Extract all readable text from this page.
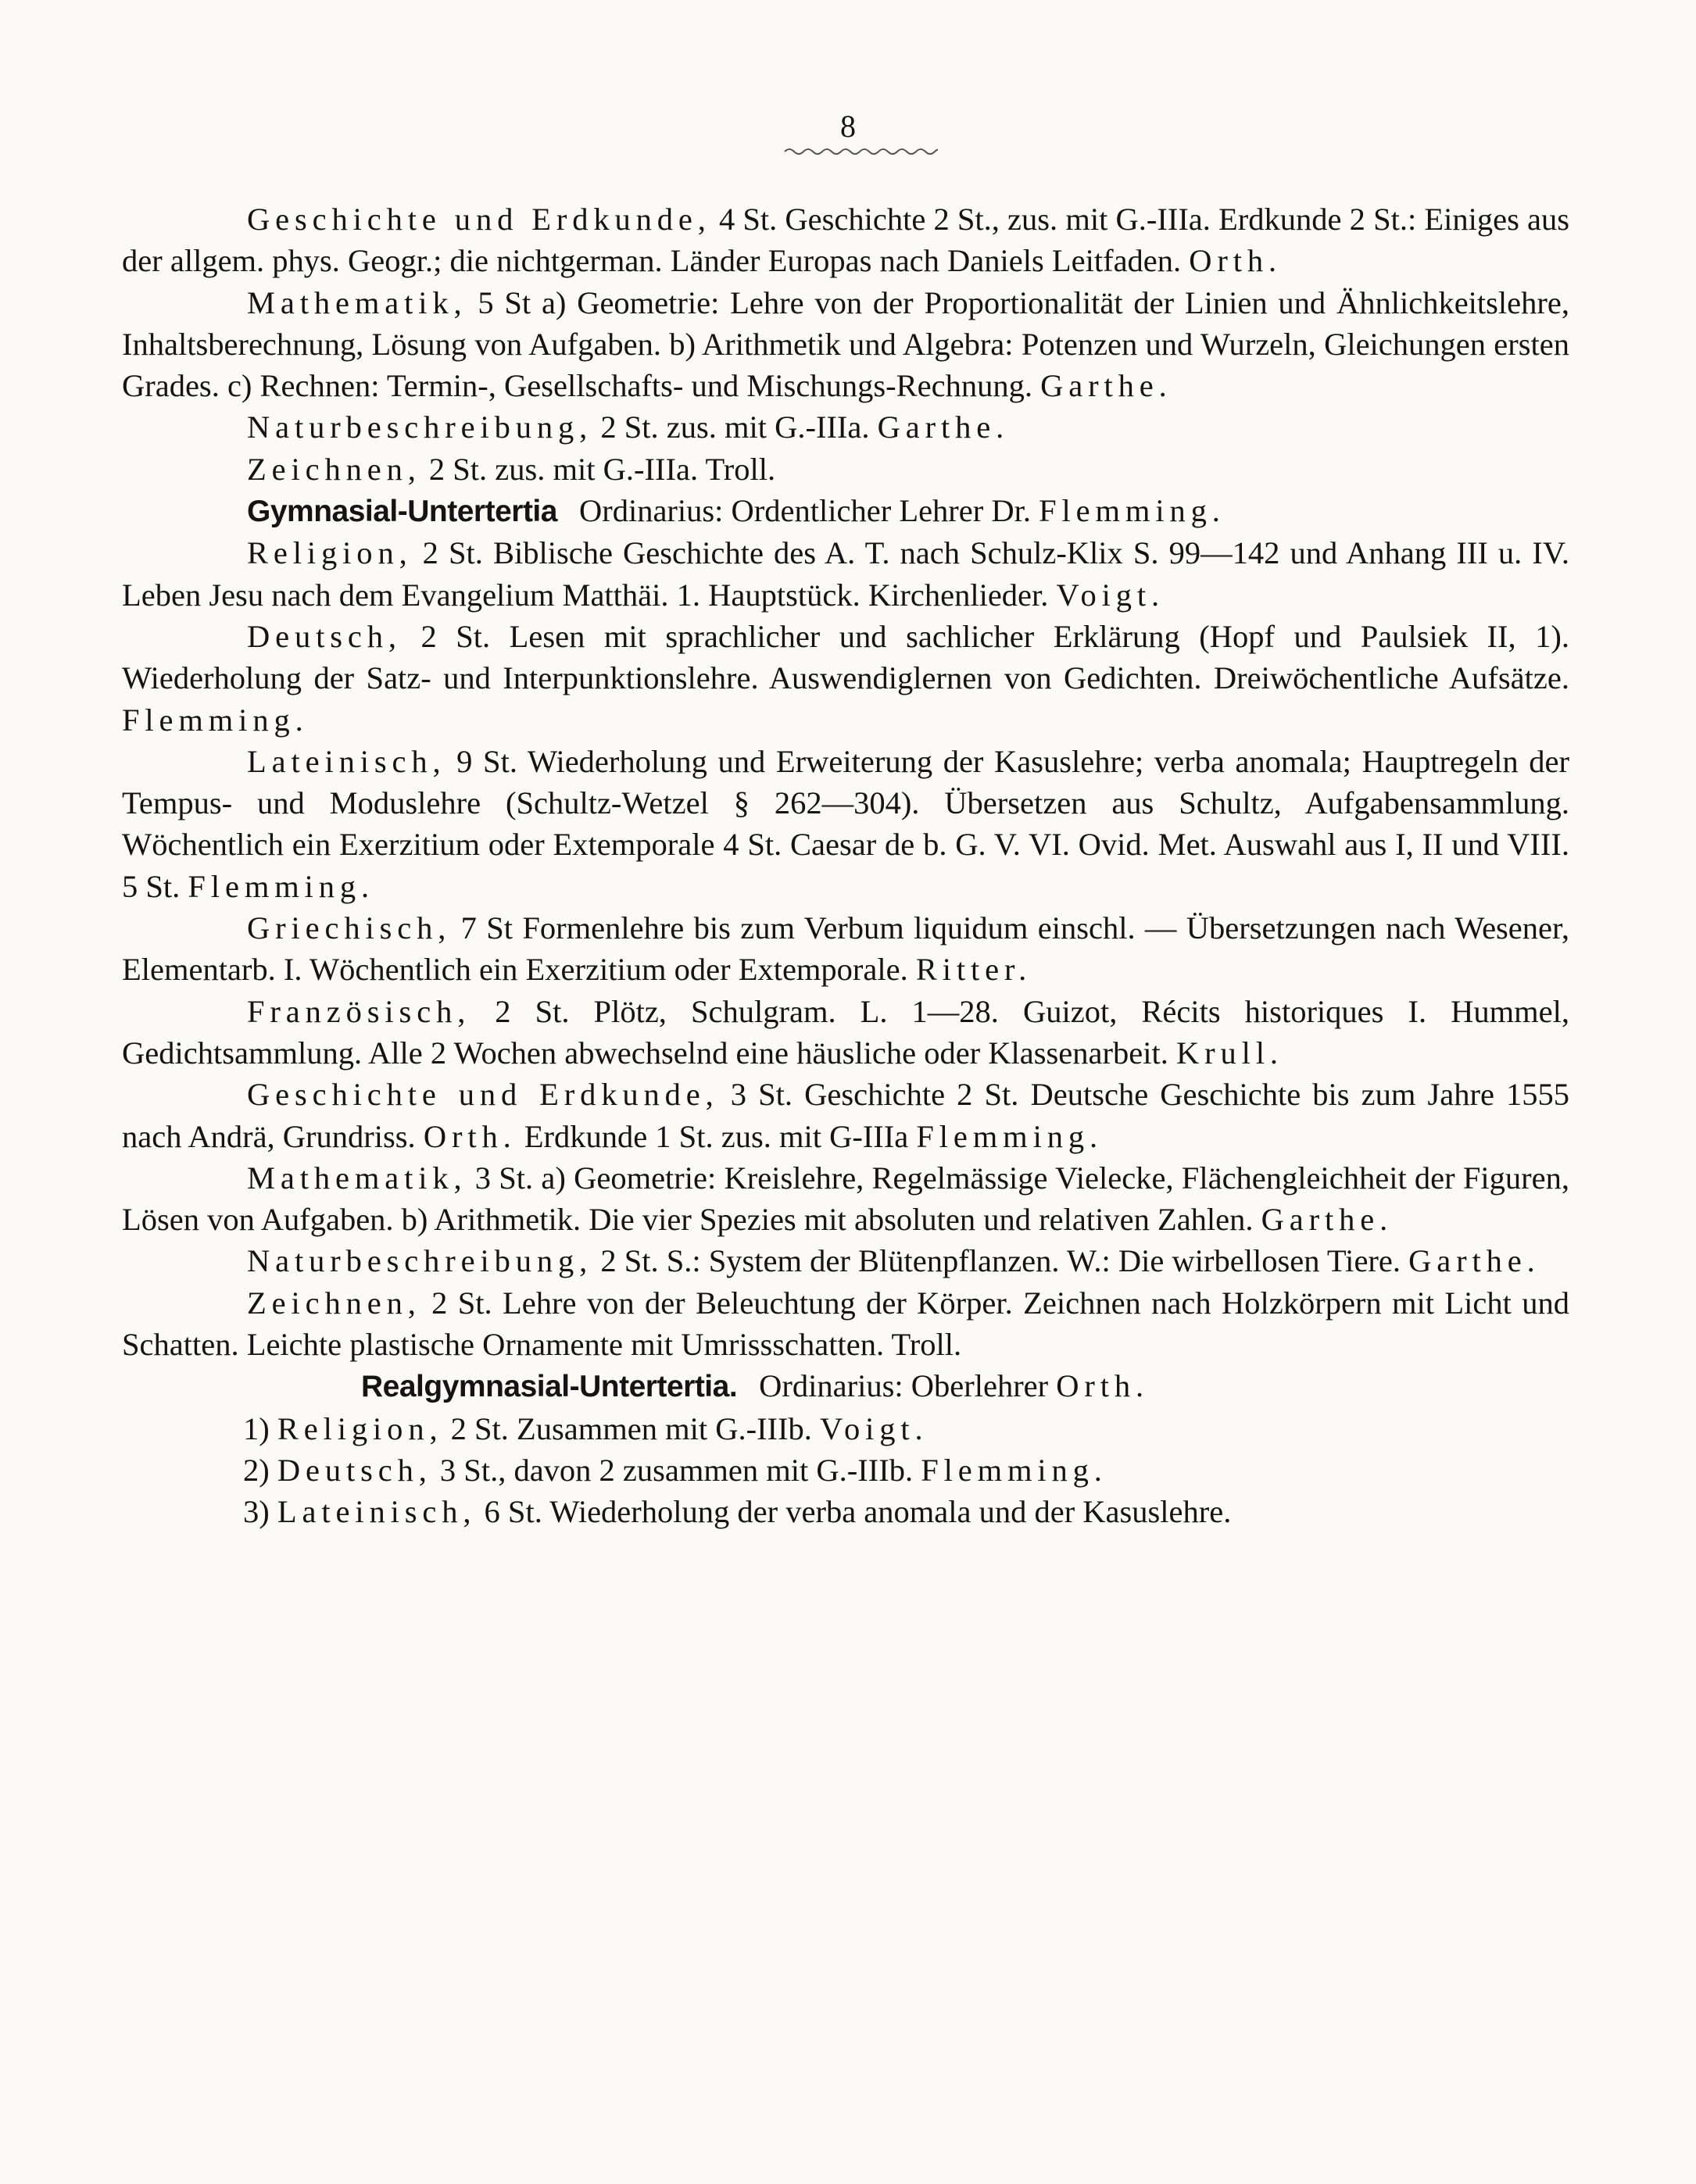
8

Geschichte und Erdkunde, 4 St. Geschichte 2 St., zus. mit G.-IIIa. Erdkunde 2 St.: Einiges aus der allgem. phys. Geogr.; die nichtgerman. Länder Europas nach Daniels Leitfaden. Orth.

Mathematik, 5 St a) Geometrie: Lehre von der Proportionalität der Linien und Ähnlichkeitslehre, Inhaltsberechnung, Lösung von Aufgaben. b) Arithmetik und Algebra: Potenzen und Wurzeln, Gleichungen ersten Grades. c) Rechnen: Termin-, Gesellschafts- und Mischungs-Rechnung. Garthe.

Naturbeschreibung, 2 St. zus. mit G.-IIIa. Garthe.

Zeichnen, 2 St. zus. mit G.-IIIa. Troll.

Gymnasial-Untertertia Ordinarius: Ordentlicher Lehrer Dr. Flemming.

Religion, 2 St. Biblische Geschichte des A. T. nach Schulz-Klix S. 99—142 und Anhang III u. IV. Leben Jesu nach dem Evangelium Matthäi. 1. Hauptstück. Kirchenlieder. Voigt.

Deutsch, 2 St. Lesen mit sprachlicher und sachlicher Erklärung (Hopf und Paulsiek II, 1). Wiederholung der Satz- und Interpunktionslehre. Auswendiglernen von Gedichten. Dreiwöchentliche Aufsätze. Flemming.

Lateinisch, 9 St. Wiederholung und Erweiterung der Kasuslehre; verba anomala; Hauptregeln der Tempus- und Moduslehre (Schultz-Wetzel § 262—304). Übersetzen aus Schultz, Aufgabensammlung. Wöchentlich ein Exerzitium oder Extemporale 4 St. Caesar de b. G. V. VI. Ovid. Met. Auswahl aus I, II und VIII. 5 St. Flemming.

Griechisch, 7 St Formenlehre bis zum Verbum liquidum einschl. — Übersetzungen nach Wesener, Elementarb. I. Wöchentlich ein Exerzitium oder Extemporale. Ritter.

Französisch, 2 St. Plötz, Schulgram. L. 1—28. Guizot, Récits historiques I. Hummel, Gedichtsammlung. Alle 2 Wochen abwechselnd eine häusliche oder Klassenarbeit. Krull.

Geschichte und Erdkunde, 3 St. Geschichte 2 St. Deutsche Geschichte bis zum Jahre 1555 nach Andrä, Grundriss. Orth. Erdkunde 1 St. zus. mit G-IIIa Flemming.

Mathematik, 3 St. a) Geometrie: Kreislehre, Regelmässige Vielecke, Flächengleichheit der Figuren, Lösen von Aufgaben. b) Arithmetik. Die vier Spezies mit absoluten und relativen Zahlen. Garthe.

Naturbeschreibung, 2 St. S.: System der Blütenpflanzen. W.: Die wirbellosen Tiere. Garthe.

Zeichnen, 2 St. Lehre von der Beleuchtung der Körper. Zeichnen nach Holzkörpern mit Licht und Schatten. Leichte plastische Ornamente mit Umrissschatten. Troll.

Realgymnasial-Untertertia. Ordinarius: Oberlehrer Orth.

1) Religion, 2 St. Zusammen mit G.-IIIb. Voigt.

2) Deutsch, 3 St., davon 2 zusammen mit G.-IIIb. Flemming.

3) Lateinisch, 6 St. Wiederholung der verba anomala und der Kasuslehre.
